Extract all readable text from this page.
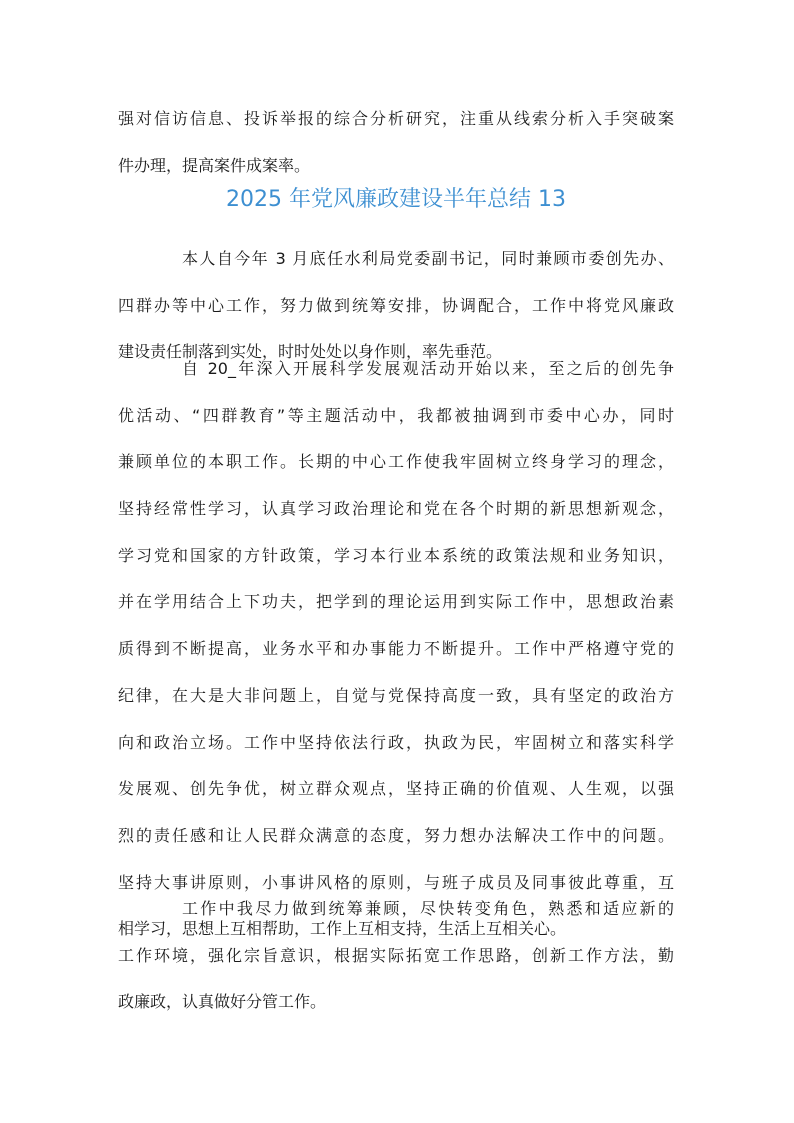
强对信访信息、投诉举报的综合分析研究，注重从线索分析入手突破案
件办理，提高案件成案率。
2025 年党风廉政建设半年总结 13
本人自今年 3 月底任水利局党委副书记，同时兼顾市委创先办、
四群办等中心工作，努力做到统筹安排，协调配合，工作中将党风廉政
建设责任制落到实处，时时处处以身作则，率先垂范。
自 20_年深入开展科学发展观活动开始以来，至之后的创先争
优活动、“四群教育”等主题活动中，我都被抽调到市委中心办，同时
兼顾单位的本职工作。长期的中心工作使我牢固树立终身学习的理念，
坚持经常性学习，认真学习政治理论和党在各个时期的新思想新观念，
学习党和国家的方针政策，学习本行业本系统的政策法规和业务知识，
并在学用结合上下功夫，把学到的理论运用到实际工作中，思想政治素
质得到不断提高，业务水平和办事能力不断提升。工作中严格遵守党的
纪律，在大是大非问题上，自觉与党保持高度一致，具有坚定的政治方
向和政治立场。工作中坚持依法行政，执政为民，牢固树立和落实科学
发展观、创先争优，树立群众观点，坚持正确的价值观、人生观，以强
烈的责任感和让人民群众满意的态度，努力想办法解决工作中的问题。
坚持大事讲原则，小事讲风格的原则，与班子成员及同事彼此尊重，互
相学习，思想上互相帮助，工作上互相支持，生活上互相关心。
工作中我尽力做到统筹兼顾，尽快转变角色，熟悉和适应新的
工作环境，强化宗旨意识，根据实际拓宽工作思路，创新工作方法，勤
政廉政，认真做好分管工作。
